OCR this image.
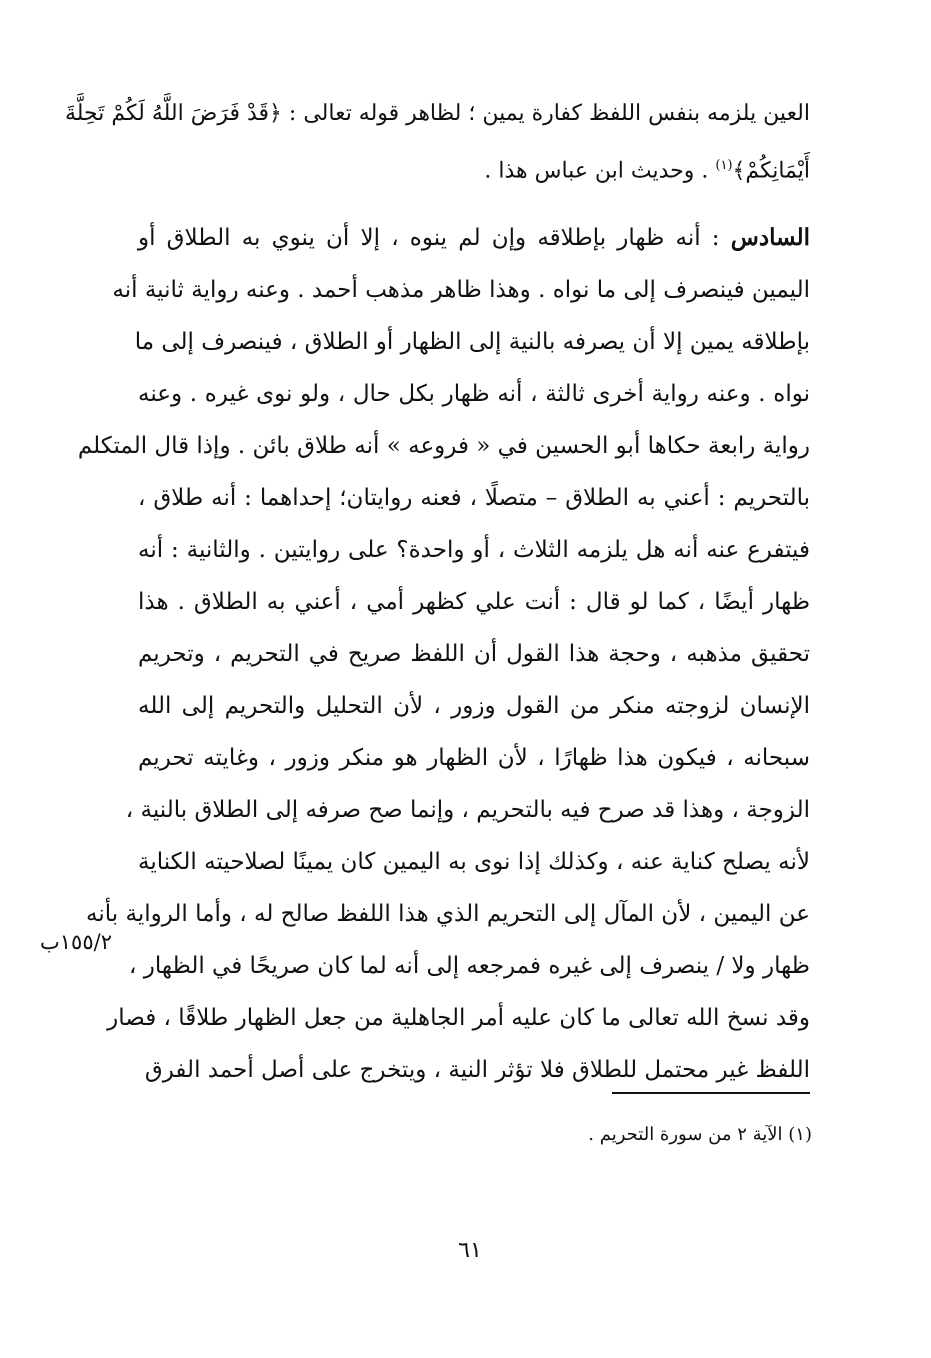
العين يلزمه بنفس اللفظ كفارة يمين ؛ لظاهر قوله تعالى : ﴿قَدْ فَرَضَ اللَّهُ لَكُمْ تَحِلَّةَ
أَيْمَانِكُمْ﴾$^{(١)}$ . وحديث ابن عباس هذا .
السادس : أنه ظهار بإطلاقه وإن لم ينوه ، إلا أن ينوي به الطلاق أو
اليمين فينصرف إلى ما نواه . وهذا ظاهر مذهب أحمد . وعنه رواية ثانية أنه
بإطلاقه يمين إلا أن يصرفه بالنية إلى الظهار أو الطلاق ، فينصرف إلى ما
نواه . وعنه رواية أخرى ثالثة ، أنه ظهار بكل حال ، ولو نوى غيره . وعنه
رواية رابعة حكاها أبو الحسين في « فروعه » أنه طلاق بائن . وإذا قال المتكلم
بالتحريم : أعني به الطلاق – متصلًا ، فعنه روايتان؛ إحداهما : أنه طلاق ،
فيتفرع عنه أنه هل يلزمه الثلاث ، أو واحدة؟ على روايتين . والثانية : أنه
ظهار أيضًا ، كما لو قال : أنت علي كظهر أمي ، أعني به الطلاق . هذا
تحقيق مذهبه ، وحجة هذا القول أن اللفظ صريح في التحريم ، وتحريم
الإنسان لزوجته منكر من القول وزور ، لأن التحليل والتحريم إلى الله
سبحانه ، فيكون هذا ظهارًا ، لأن الظهار هو منكر وزور ، وغايته تحريم
الزوجة ، وهذا قد صرح فيه بالتحريم ، وإنما صح صرفه إلى الطلاق بالنية ،
لأنه يصلح كناية عنه ، وكذلك إذا نوى به اليمين كان يمينًا لصلاحيته الكناية
عن اليمين ، لأن المآل إلى التحريم الذي هذا اللفظ صالح له ، وأما الرواية بأنه
ظهار ولا / ينصرف إلى غيره فمرجعه إلى أنه لما كان صريحًا في الظهار ،
وقد نسخ الله تعالى ما كان عليه أمر الجاهلية من جعل الظهار طلاقًا ، فصار
اللفظ غير محتمل للطلاق فلا تؤثر النية ، ويتخرج على أصل أحمد الفرق
١٥٥/٢ب
(١) الآية ٢ من سورة التحريم .
٦١
